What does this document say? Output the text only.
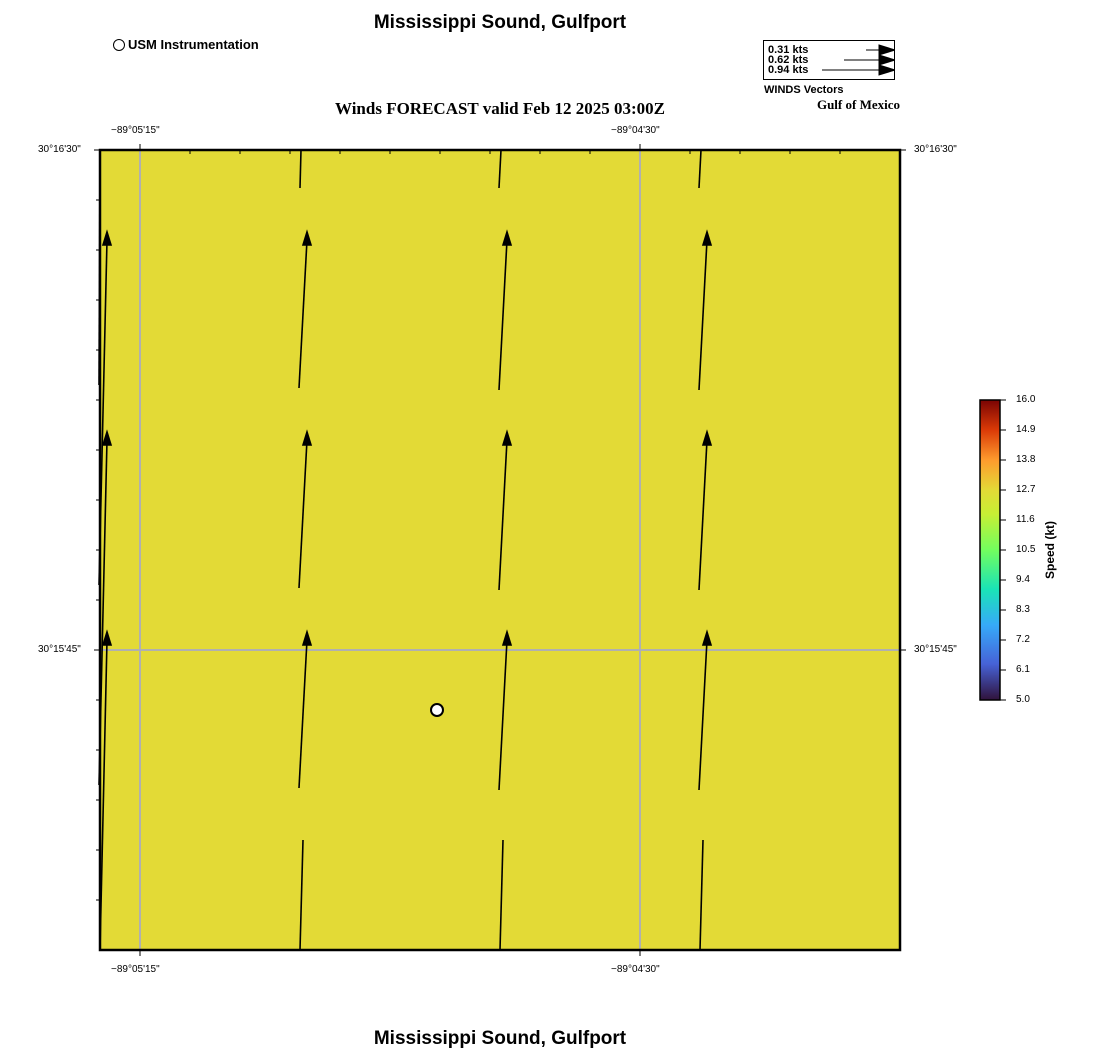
Mississippi Sound, Gulfport
USM Instrumentation	0.31 kts
0.62 kts
0.94 kts
WINDS Vectors
Winds FORECAST valid Feb 12 2025 03:00Z	Gulf of Mexico
−89°05'15"	−89°04'30"
−89°05'15"	−89°04'30"
30°16'30"
30°15'45"
30°16'30"
30°15'45"
16.0
14.9
13.8
12.7
11.6
10.5
9.4
8.3
7.2
6.1
5.0
Speed (kt)
Mississippi Sound, Gulfport
